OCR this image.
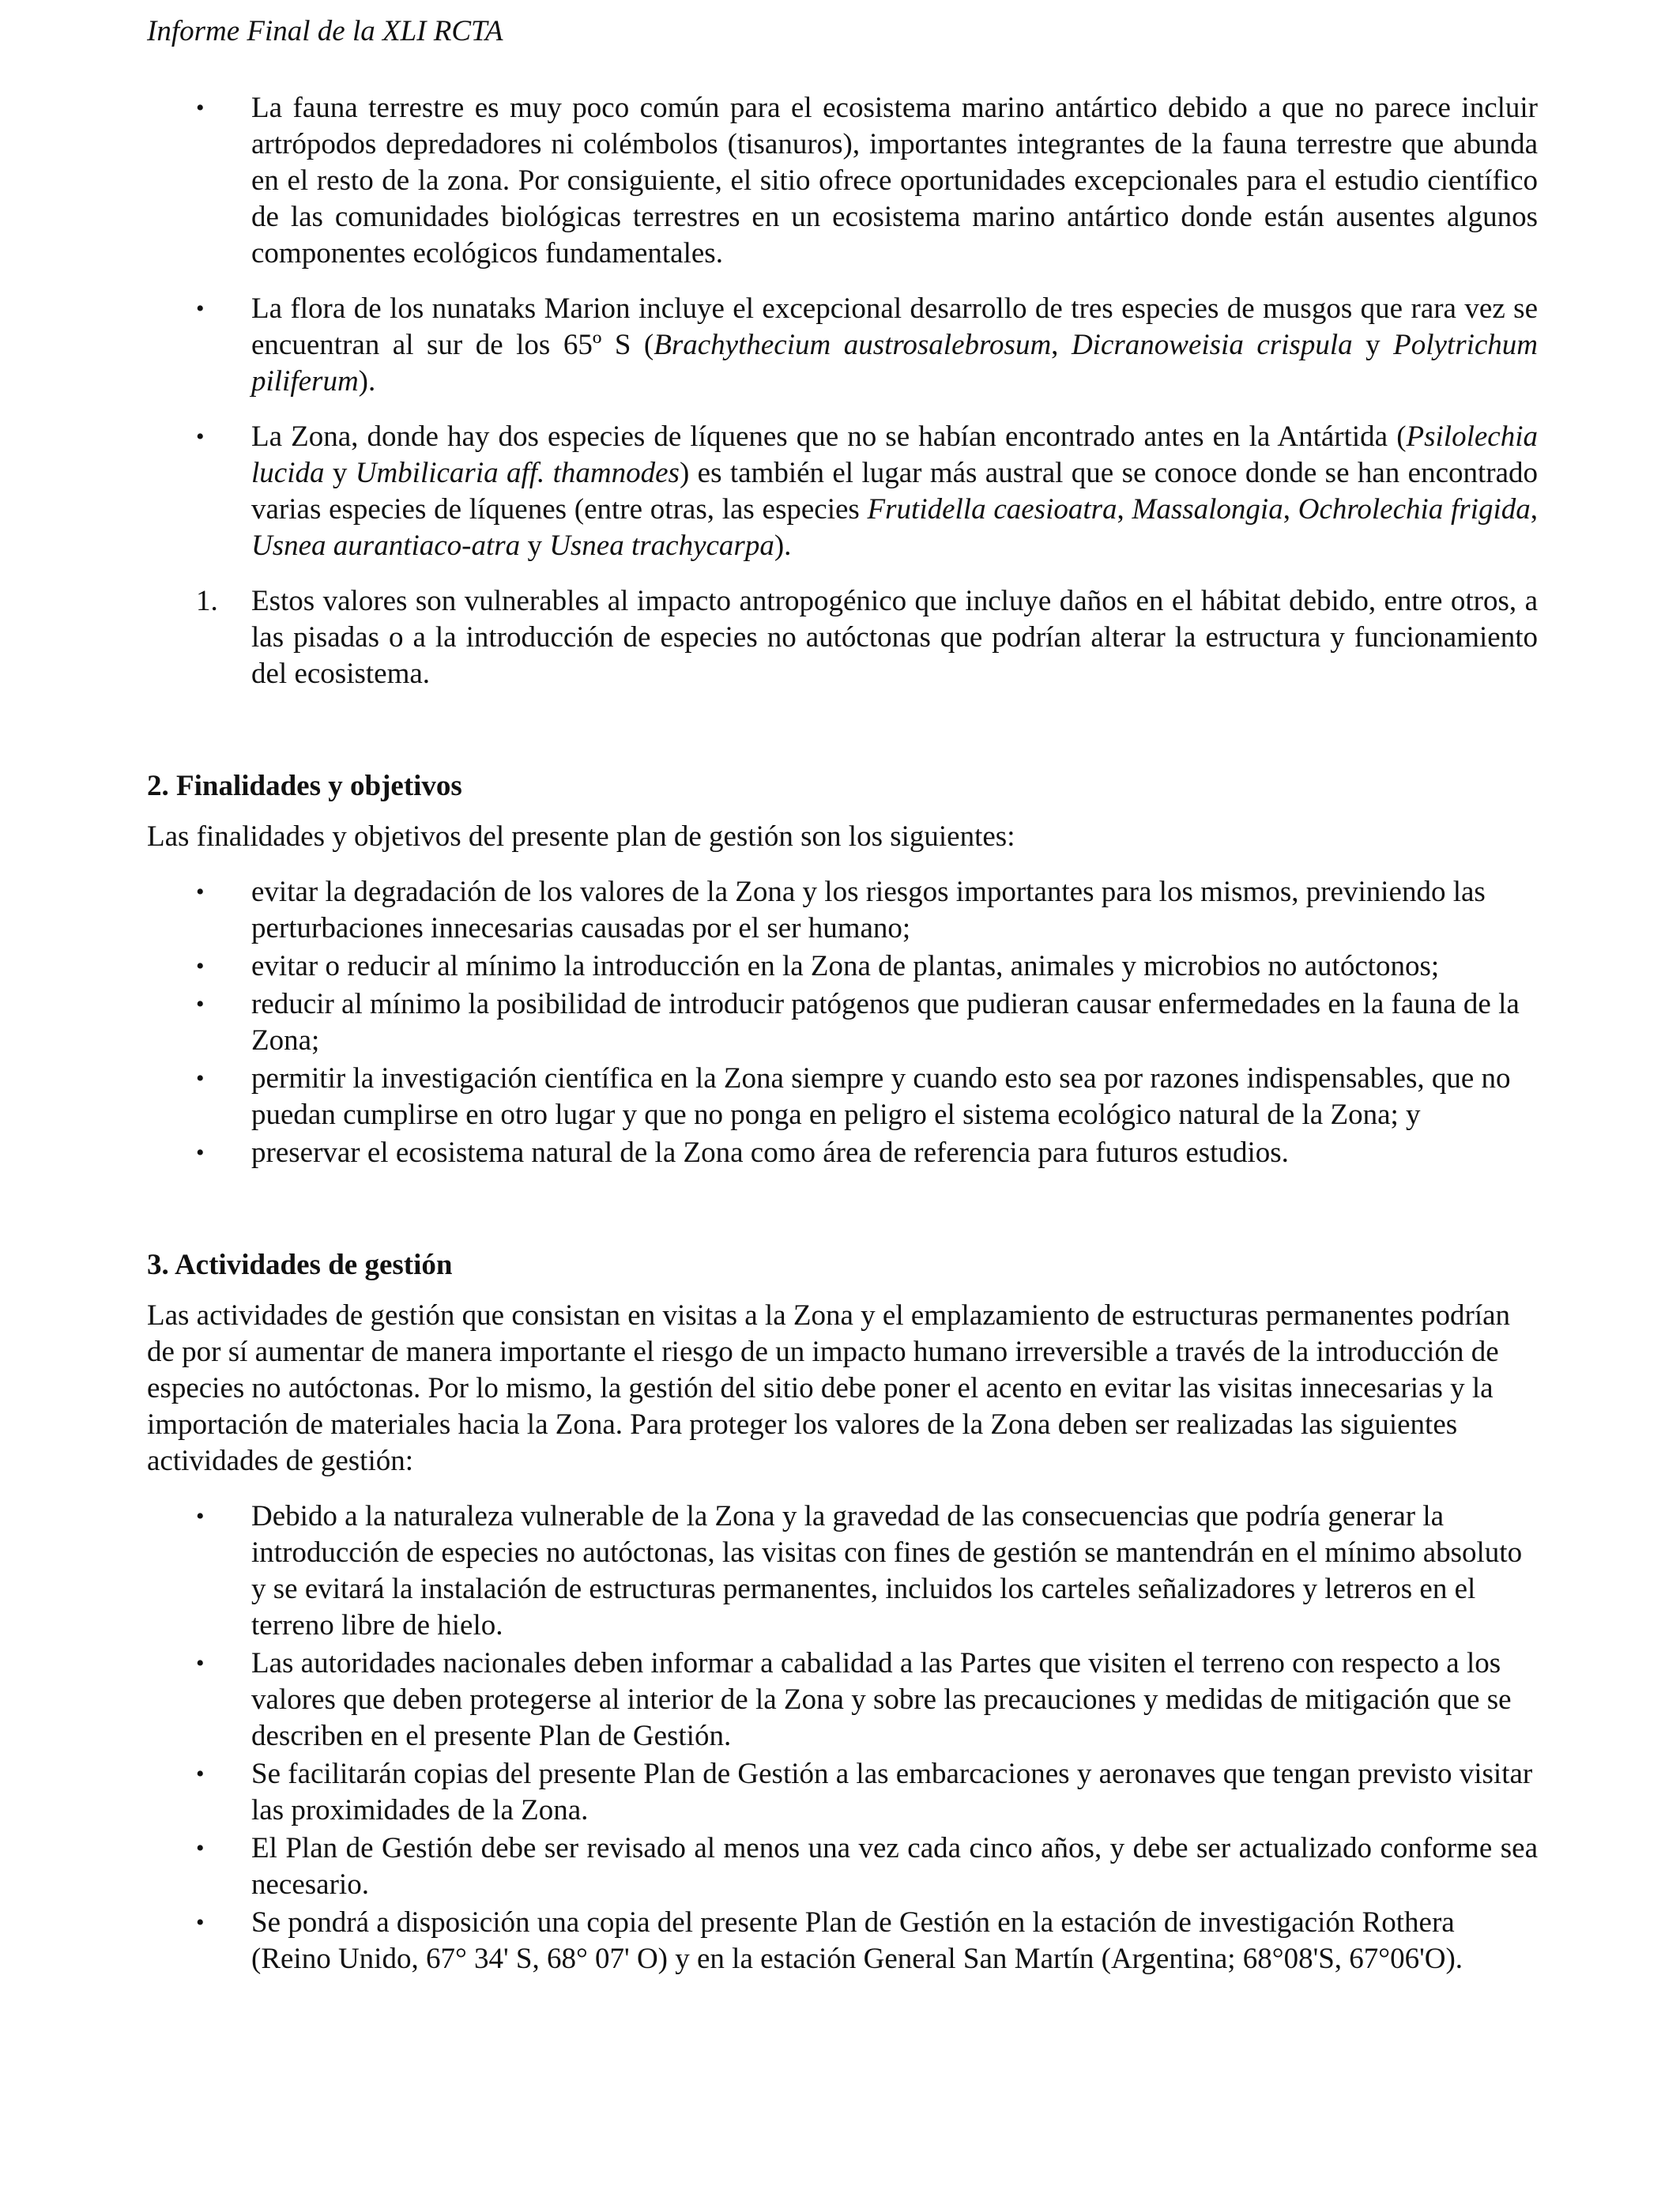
Informe Final de la XLI RCTA
• La fauna terrestre es muy poco común para el ecosistema marino antártico debido a que no parece incluir artrópodos depredadores ni colémbolos (tisanuros), importantes integrantes de la fauna terrestre que abunda en el resto de la zona. Por consiguiente, el sitio ofrece oportunidades excepcionales para el estudio científico de las comunidades biológicas terrestres en un ecosistema marino antártico donde están ausentes algunos componentes ecológicos fundamentales.
• La flora de los nunataks Marion incluye el excepcional desarrollo de tres especies de musgos que rara vez se encuentran al sur de los 65º S (Brachythecium austrosalebrosum, Dicranoweisia crispula y Polytrichum piliferum).
• La Zona, donde hay dos especies de líquenes que no se habían encontrado antes en la Antártida (Psilolechia lucida y Umbilicaria aff. thamnodes) es también el lugar más austral que se conoce donde se han encontrado varias especies de líquenes (entre otras, las especies Frutidella caesioatra, Massalongia, Ochrolechia frigida, Usnea aurantiaco-atra y Usnea trachycarpa).
1. Estos valores son vulnerables al impacto antropogénico que incluye daños en el hábitat debido, entre otros, a las pisadas o a la introducción de especies no autóctonas que podrían alterar la estructura y funcionamiento del ecosistema.
2. Finalidades y objetivos

Las finalidades y objetivos del presente plan de gestión son los siguientes:

• evitar la degradación de los valores de la Zona y los riesgos importantes para los mismos, previniendo las perturbaciones innecesarias causadas por el ser humano;
• evitar o reducir al mínimo la introducción en la Zona de plantas, animales y microbios no autóctonos;
• reducir al mínimo la posibilidad de introducir patógenos que pudieran causar enfermedades en la fauna de la Zona;
• permitir la investigación científica en la Zona siempre y cuando esto sea por razones indispensables, que no puedan cumplirse en otro lugar y que no ponga en peligro el sistema ecológico natural de la Zona; y
• preservar el ecosistema natural de la Zona como área de referencia para futuros estudios.
3. Actividades de gestión

Las actividades de gestión que consistan en visitas a la Zona y el emplazamiento de estructuras permanentes podrían de por sí aumentar de manera importante el riesgo de un impacto humano irreversible a través de la introducción de especies no autóctonas. Por lo mismo, la gestión del sitio debe poner el acento en evitar las visitas innecesarias y la importación de materiales hacia la Zona. Para proteger los valores de la Zona deben ser realizadas las siguientes actividades de gestión:

• Debido a la naturaleza vulnerable de la Zona y la gravedad de las consecuencias que podría generar la introducción de especies no autóctonas, las visitas con fines de gestión se mantendrán en el mínimo absoluto y se evitará la instalación de estructuras permanentes, incluidos los carteles señalizadores y letreros en el terreno libre de hielo.
• Las autoridades nacionales deben informar a cabalidad a las Partes que visiten el terreno con respecto a los valores que deben protegerse al interior de la Zona y sobre las precauciones y medidas de mitigación que se describen en el presente Plan de Gestión.
• Se facilitarán copias del presente Plan de Gestión a las embarcaciones y aeronaves que tengan previsto visitar las proximidades de la Zona.
• El Plan de Gestión debe ser revisado al menos una vez cada cinco años, y debe ser actualizado conforme sea necesario.
• Se pondrá a disposición una copia del presente Plan de Gestión en la estación de investigación Rothera (Reino Unido, 67° 34' S, 68° 07' O) y en la estación General San Martín (Argentina; 68°08'S, 67°06'O).
